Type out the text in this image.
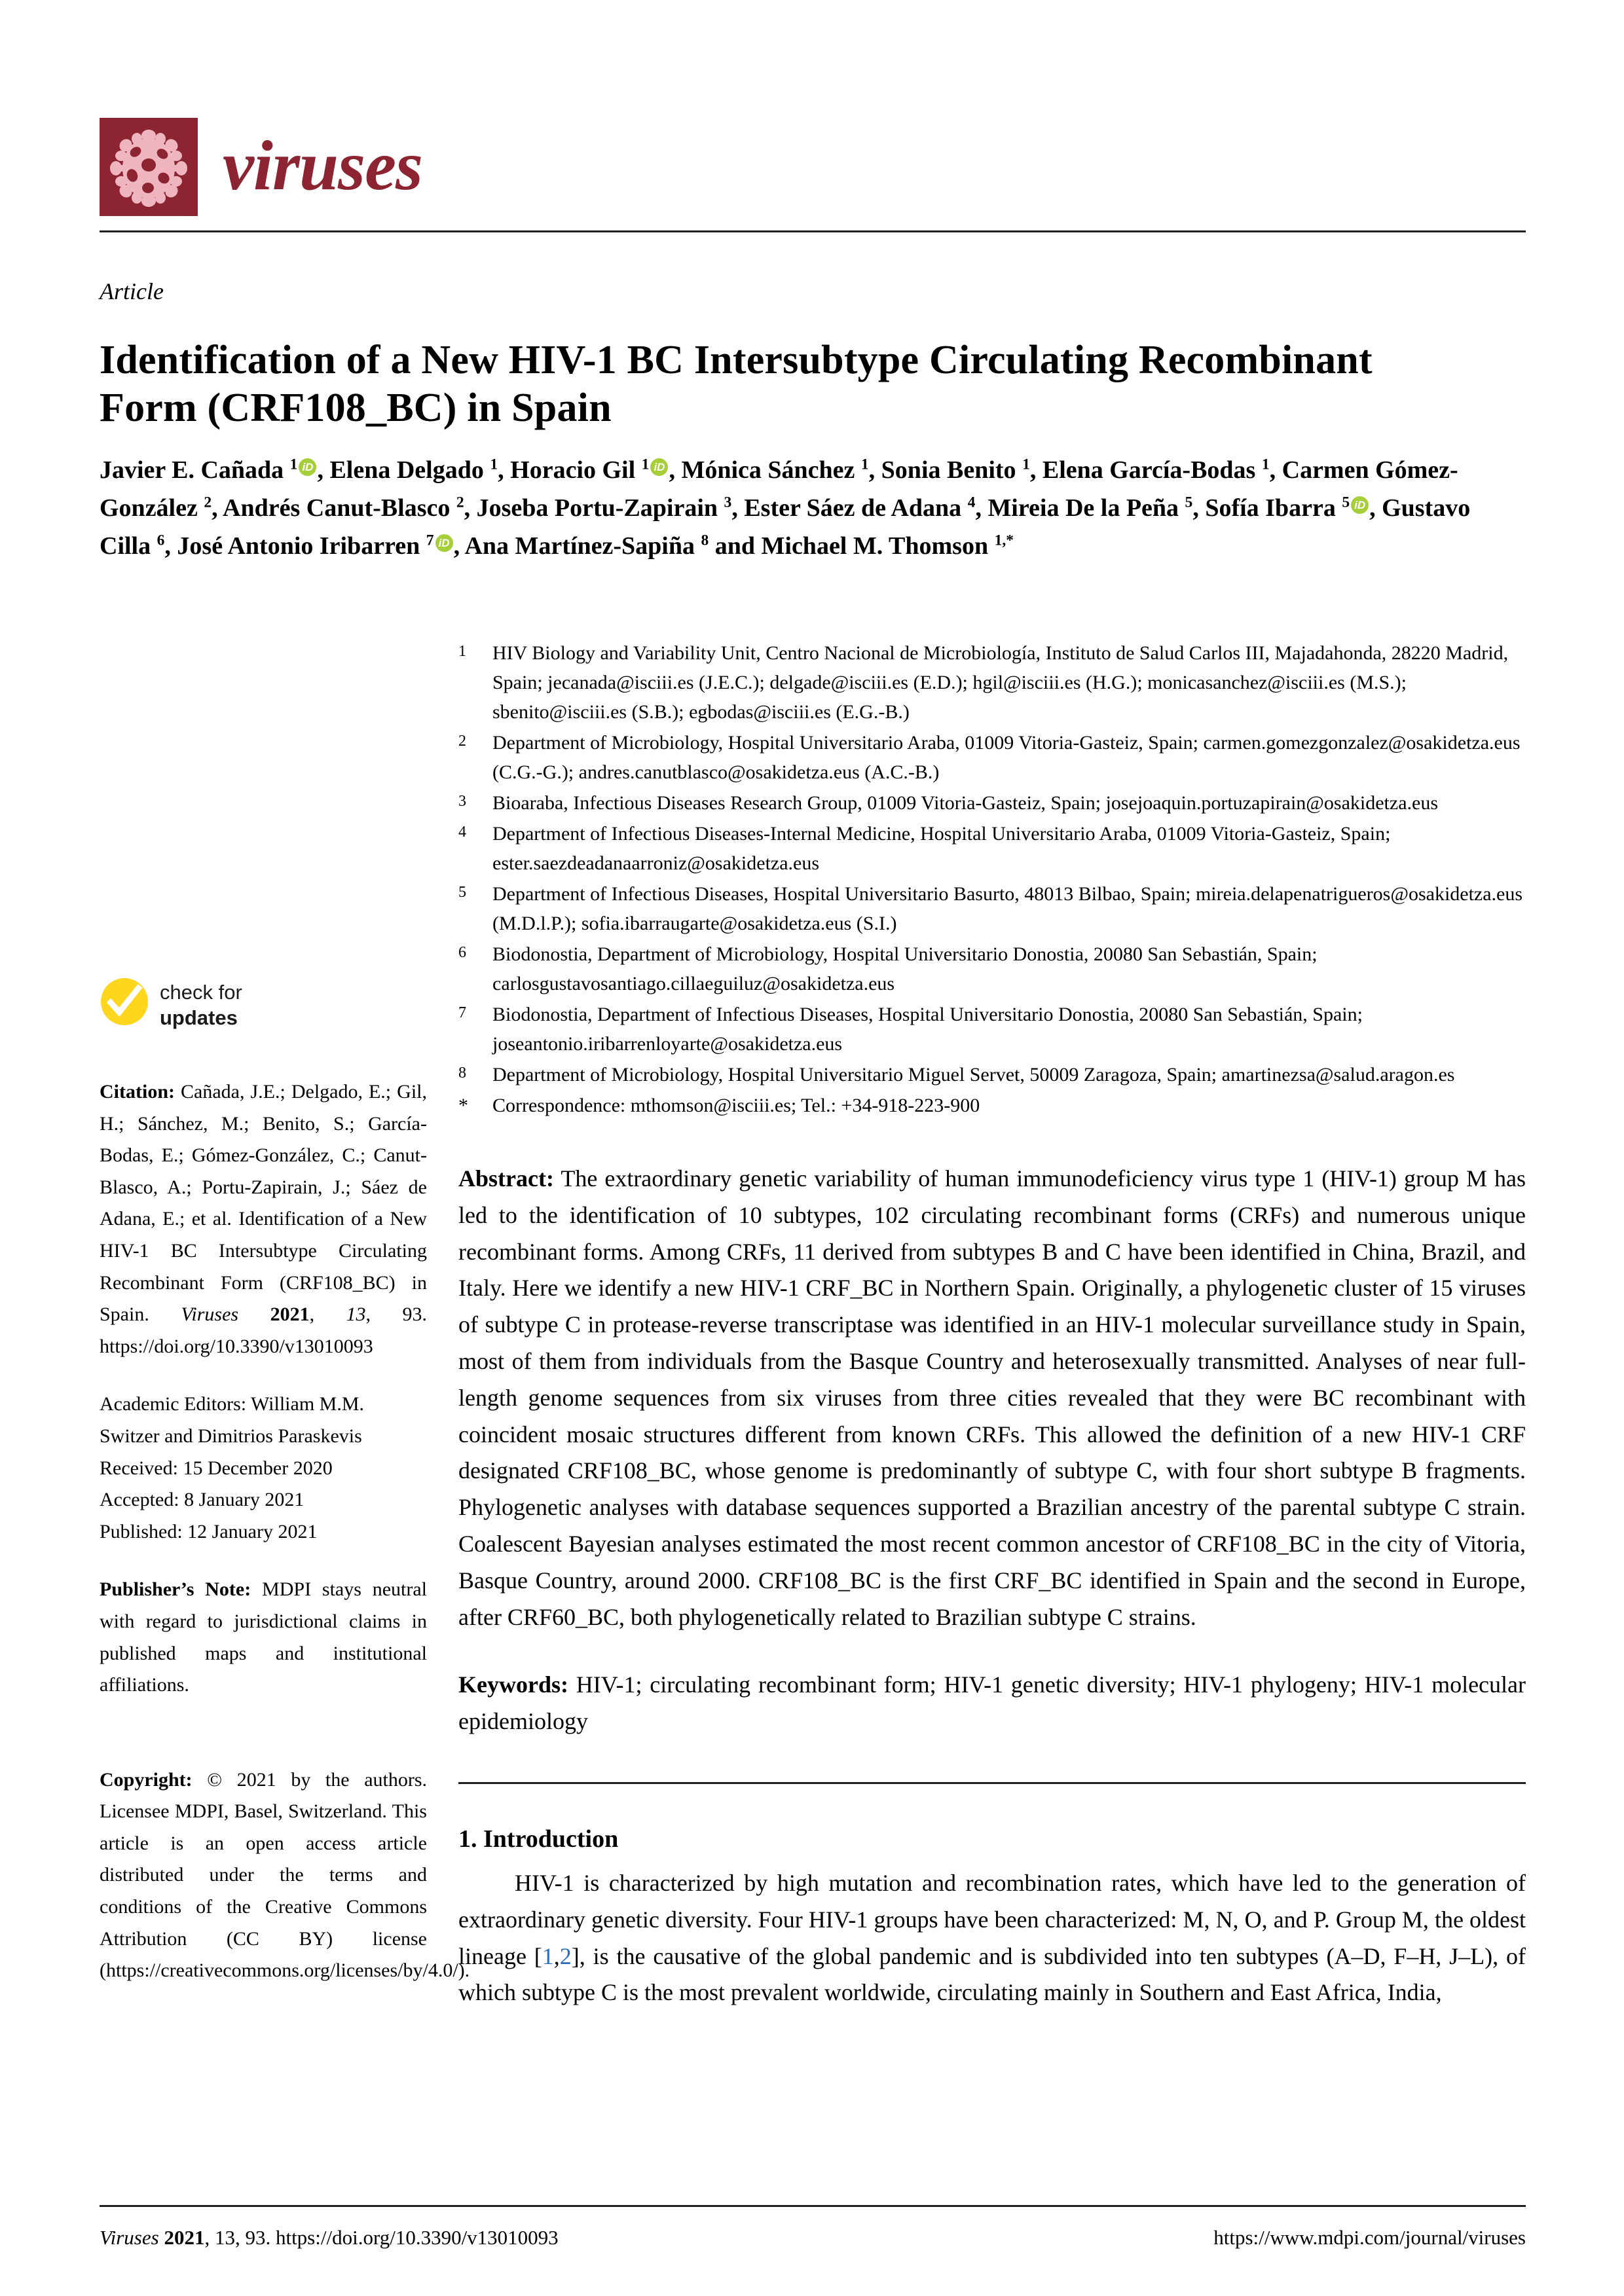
viruses
Article
Identification of a New HIV-1 BC Intersubtype Circulating Recombinant Form (CRF108_BC) in Spain
Javier E. Cañada $^1$ iD , Elena Delgado $^1$, Horacio Gil $^1$ iD , Mónica Sánchez $^1$, Sonia Benito $^1$, Elena García-Bodas $^1$, Carmen Gómez-González $^2$, Andrés Canut-Blasco $^2$, Joseba Portu-Zapirain $^3$, Ester Sáez de Adana $^4$, Mireia De la Peña $^5$, Sofía Ibarra $^5$ iD , Gustavo Cilla $^6$, José Antonio Iribarren $^7$ iD , Ana Martínez-Sapiña $^8$ and Michael M. Thomson $^{1,*}$
check for
updates
Citation: Cañada, J.E.; Delgado, E.; Gil, H.; Sánchez, M.; Benito, S.; García-Bodas, E.; Gómez-González, C.; Canut-Blasco, A.; Portu-Zapirain, J.; Sáez de Adana, E.; et al. Identification of a New HIV-1 BC Intersubtype Circulating Recombinant Form (CRF108_BC) in Spain. Viruses 2021, 13, 93. https://doi.org/10.3390/v13010093
Academic Editors: William M.M. Switzer and Dimitrios Paraskevis
Received: 15 December 2020
Accepted: 8 January 2021
Published: 12 January 2021
Publisher’s Note: MDPI stays neutral with regard to jurisdictional claims in published maps and institutional affiliations.
Copyright: © 2021 by the authors. Licensee MDPI, Basel, Switzerland. This article is an open access article distributed under the terms and conditions of the Creative Commons Attribution (CC BY) license (https://creativecommons.org/licenses/by/4.0/).
1	HIV Biology and Variability Unit, Centro Nacional de Microbiología, Instituto de Salud Carlos III, Majadahonda, 28220 Madrid, Spain; jecanada@isciii.es (J.E.C.); delgade@isciii.es (E.D.); hgil@isciii.es (H.G.); monicasanchez@isciii.es (M.S.); sbenito@isciii.es (S.B.); egbodas@isciii.es (E.G.-B.)
2	Department of Microbiology, Hospital Universitario Araba, 01009 Vitoria-Gasteiz, Spain; carmen.gomezgonzalez@osakidetza.eus (C.G.-G.); andres.canutblasco@osakidetza.eus (A.C.-B.)
3	Bioaraba, Infectious Diseases Research Group, 01009 Vitoria-Gasteiz, Spain; josejoaquin.portuzapirain@osakidetza.eus
4	Department of Infectious Diseases-Internal Medicine, Hospital Universitario Araba, 01009 Vitoria-Gasteiz, Spain; ester.saezdeadanaarroniz@osakidetza.eus
5	Department of Infectious Diseases, Hospital Universitario Basurto, 48013 Bilbao, Spain; mireia.delapenatrigueros@osakidetza.eus (M.D.l.P.); sofia.ibarraugarte@osakidetza.eus (S.I.)
6	Biodonostia, Department of Microbiology, Hospital Universitario Donostia, 20080 San Sebastián, Spain; carlosgustavosantiago.cillaeguiluz@osakidetza.eus
7	Biodonostia, Department of Infectious Diseases, Hospital Universitario Donostia, 20080 San Sebastián, Spain; joseantonio.iribarrenloyarte@osakidetza.eus
8	Department of Microbiology, Hospital Universitario Miguel Servet, 50009 Zaragoza, Spain; amartinezsa@salud.aragon.es
*	Correspondence: mthomson@isciii.es; Tel.: +34-918-223-900
Abstract: The extraordinary genetic variability of human immunodeficiency virus type 1 (HIV-1) group M has led to the identification of 10 subtypes, 102 circulating recombinant forms (CRFs) and numerous unique recombinant forms. Among CRFs, 11 derived from subtypes B and C have been identified in China, Brazil, and Italy. Here we identify a new HIV-1 CRF_BC in Northern Spain. Originally, a phylogenetic cluster of 15 viruses of subtype C in protease-reverse transcriptase was identified in an HIV-1 molecular surveillance study in Spain, most of them from individuals from the Basque Country and heterosexually transmitted. Analyses of near full-length genome sequences from six viruses from three cities revealed that they were BC recombinant with coincident mosaic structures different from known CRFs. This allowed the definition of a new HIV-1 CRF designated CRF108_BC, whose genome is predominantly of subtype C, with four short subtype B fragments. Phylogenetic analyses with database sequences supported a Brazilian ancestry of the parental subtype C strain. Coalescent Bayesian analyses estimated the most recent common ancestor of CRF108_BC in the city of Vitoria, Basque Country, around 2000. CRF108_BC is the first CRF_BC identified in Spain and the second in Europe, after CRF60_BC, both phylogenetically related to Brazilian subtype C strains.
Keywords: HIV-1; circulating recombinant form; HIV-1 genetic diversity; HIV-1 phylogeny; HIV-1 molecular epidemiology
1. Introduction
HIV-1 is characterized by high mutation and recombination rates, which have led to the generation of extraordinary genetic diversity. Four HIV-1 groups have been characterized: M, N, O, and P. Group M, the oldest lineage [1,2], is the causative of the global pandemic and is subdivided into ten subtypes (A–D, F–H, J–L), of which subtype C is the most prevalent worldwide, circulating mainly in Southern and East Africa, India,
Viruses 2021, 13, 93. https://doi.org/10.3390/v13010093	https://www.mdpi.com/journal/viruses
